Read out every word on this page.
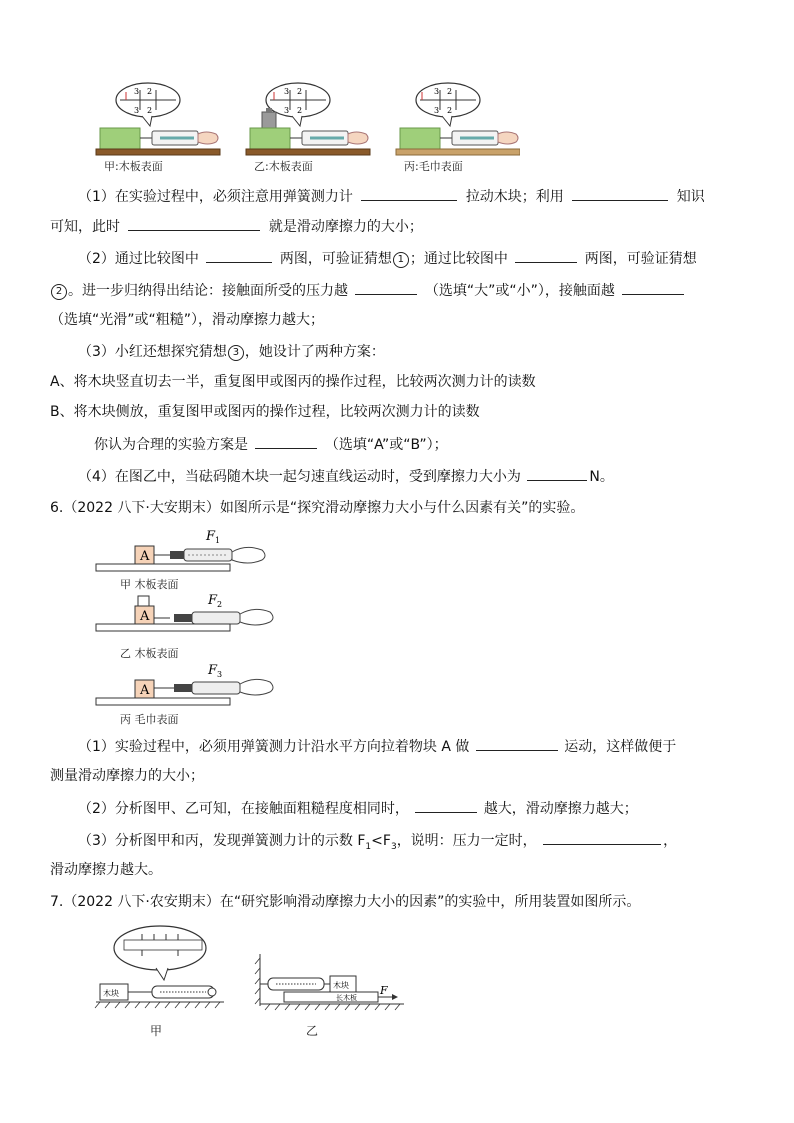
3 2
3 2
3 2
3 2
3 2
3 2
甲:木板表面	乙:木板表面	丙:毛巾表面
（1）在实验过程中，必须注意用弹簧测力计	拉动木块；利用	知识
可知，此时	就是滑动摩擦力的大小；
（2）通过比较图中	两图，可验证猜想 1 ；通过比较图中	两图，可验证猜想
2 。进一步归纳得出结论：接触面所受的压力越	（选填“大”或“小”），接触面越
（选填“光滑”或“粗糙”），滑动摩擦力越大；
（3）小红还想探究猜想 3 ，她设计了两种方案：
A、将木块竖直切去一半，重复图甲或图丙的操作过程，比较两次测力计的读数
B、将木块侧放，重复图甲或图丙的操作过程，比较两次测力计的读数
你认为合理的实验方案是	（选填“A”或“B”）；
（4）在图乙中，当砝码随木块一起匀速直线运动时，受到摩擦力大小为	N。
6.（2022 八下·大安期末）如图所示是“探究滑动摩擦力大小与什么因素有关”的实验。
A
F 1
A
F 2
A
F 3
甲 木板表面
乙 木板表面
丙 毛巾表面
（1）实验过程中，必须用弹簧测力计沿水平方向拉着物块 A 做	运动，这样做便于
测量滑动摩擦力的大小；
（2）分析图甲、乙可知，在接触面粗糙程度相同时，	越大，滑动摩擦力越大；
（3）分析图甲和丙，发现弹簧测力计的示数 $F_1<F_3$，说明：压力一定时，	，
滑动摩擦力越大。
7.（2022 八下·农安期末）在“研究影响滑动摩擦力大小的因素”的实验中，所用装置如图所示。
木块
木块
长木板
F
甲	乙
